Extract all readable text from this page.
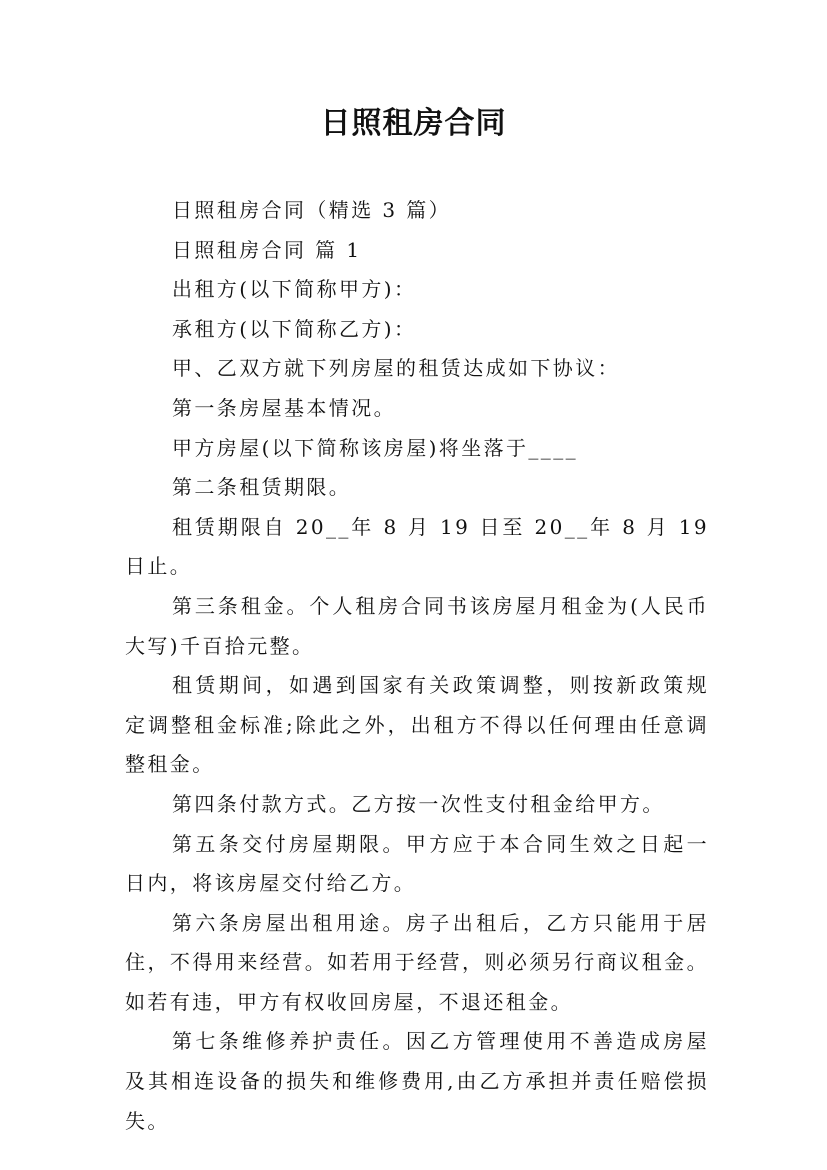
日照租房合同

日照租房合同（精选 3 篇）

日照租房合同 篇 1

出租方(以下简称甲方)：

承租方(以下简称乙方)：

甲、乙双方就下列房屋的租赁达成如下协议：

第一条房屋基本情况。

甲方房屋(以下简称该房屋)将坐落于____

第二条租赁期限。

租赁期限自 20__年 8 月 19 日至 20__年 8 月 19 日止。

第三条租金。个人租房合同书该房屋月租金为(人民币大写)千百拾元整。

租赁期间，如遇到国家有关政策调整，则按新政策规定调整租金标准;除此之外，出租方不得以任何理由任意调整租金。

第四条付款方式。乙方按一次性支付租金给甲方。

第五条交付房屋期限。甲方应于本合同生效之日起一日内，将该房屋交付给乙方。

第六条房屋出租用途。房子出租后，乙方只能用于居住，不得用来经营。如若用于经营，则必须另行商议租金。如若有违，甲方有权收回房屋，不退还租金。

第七条维修养护责任。因乙方管理使用不善造成房屋及其相连设备的损失和维修费用,由乙方承担并责任赔偿损失。
